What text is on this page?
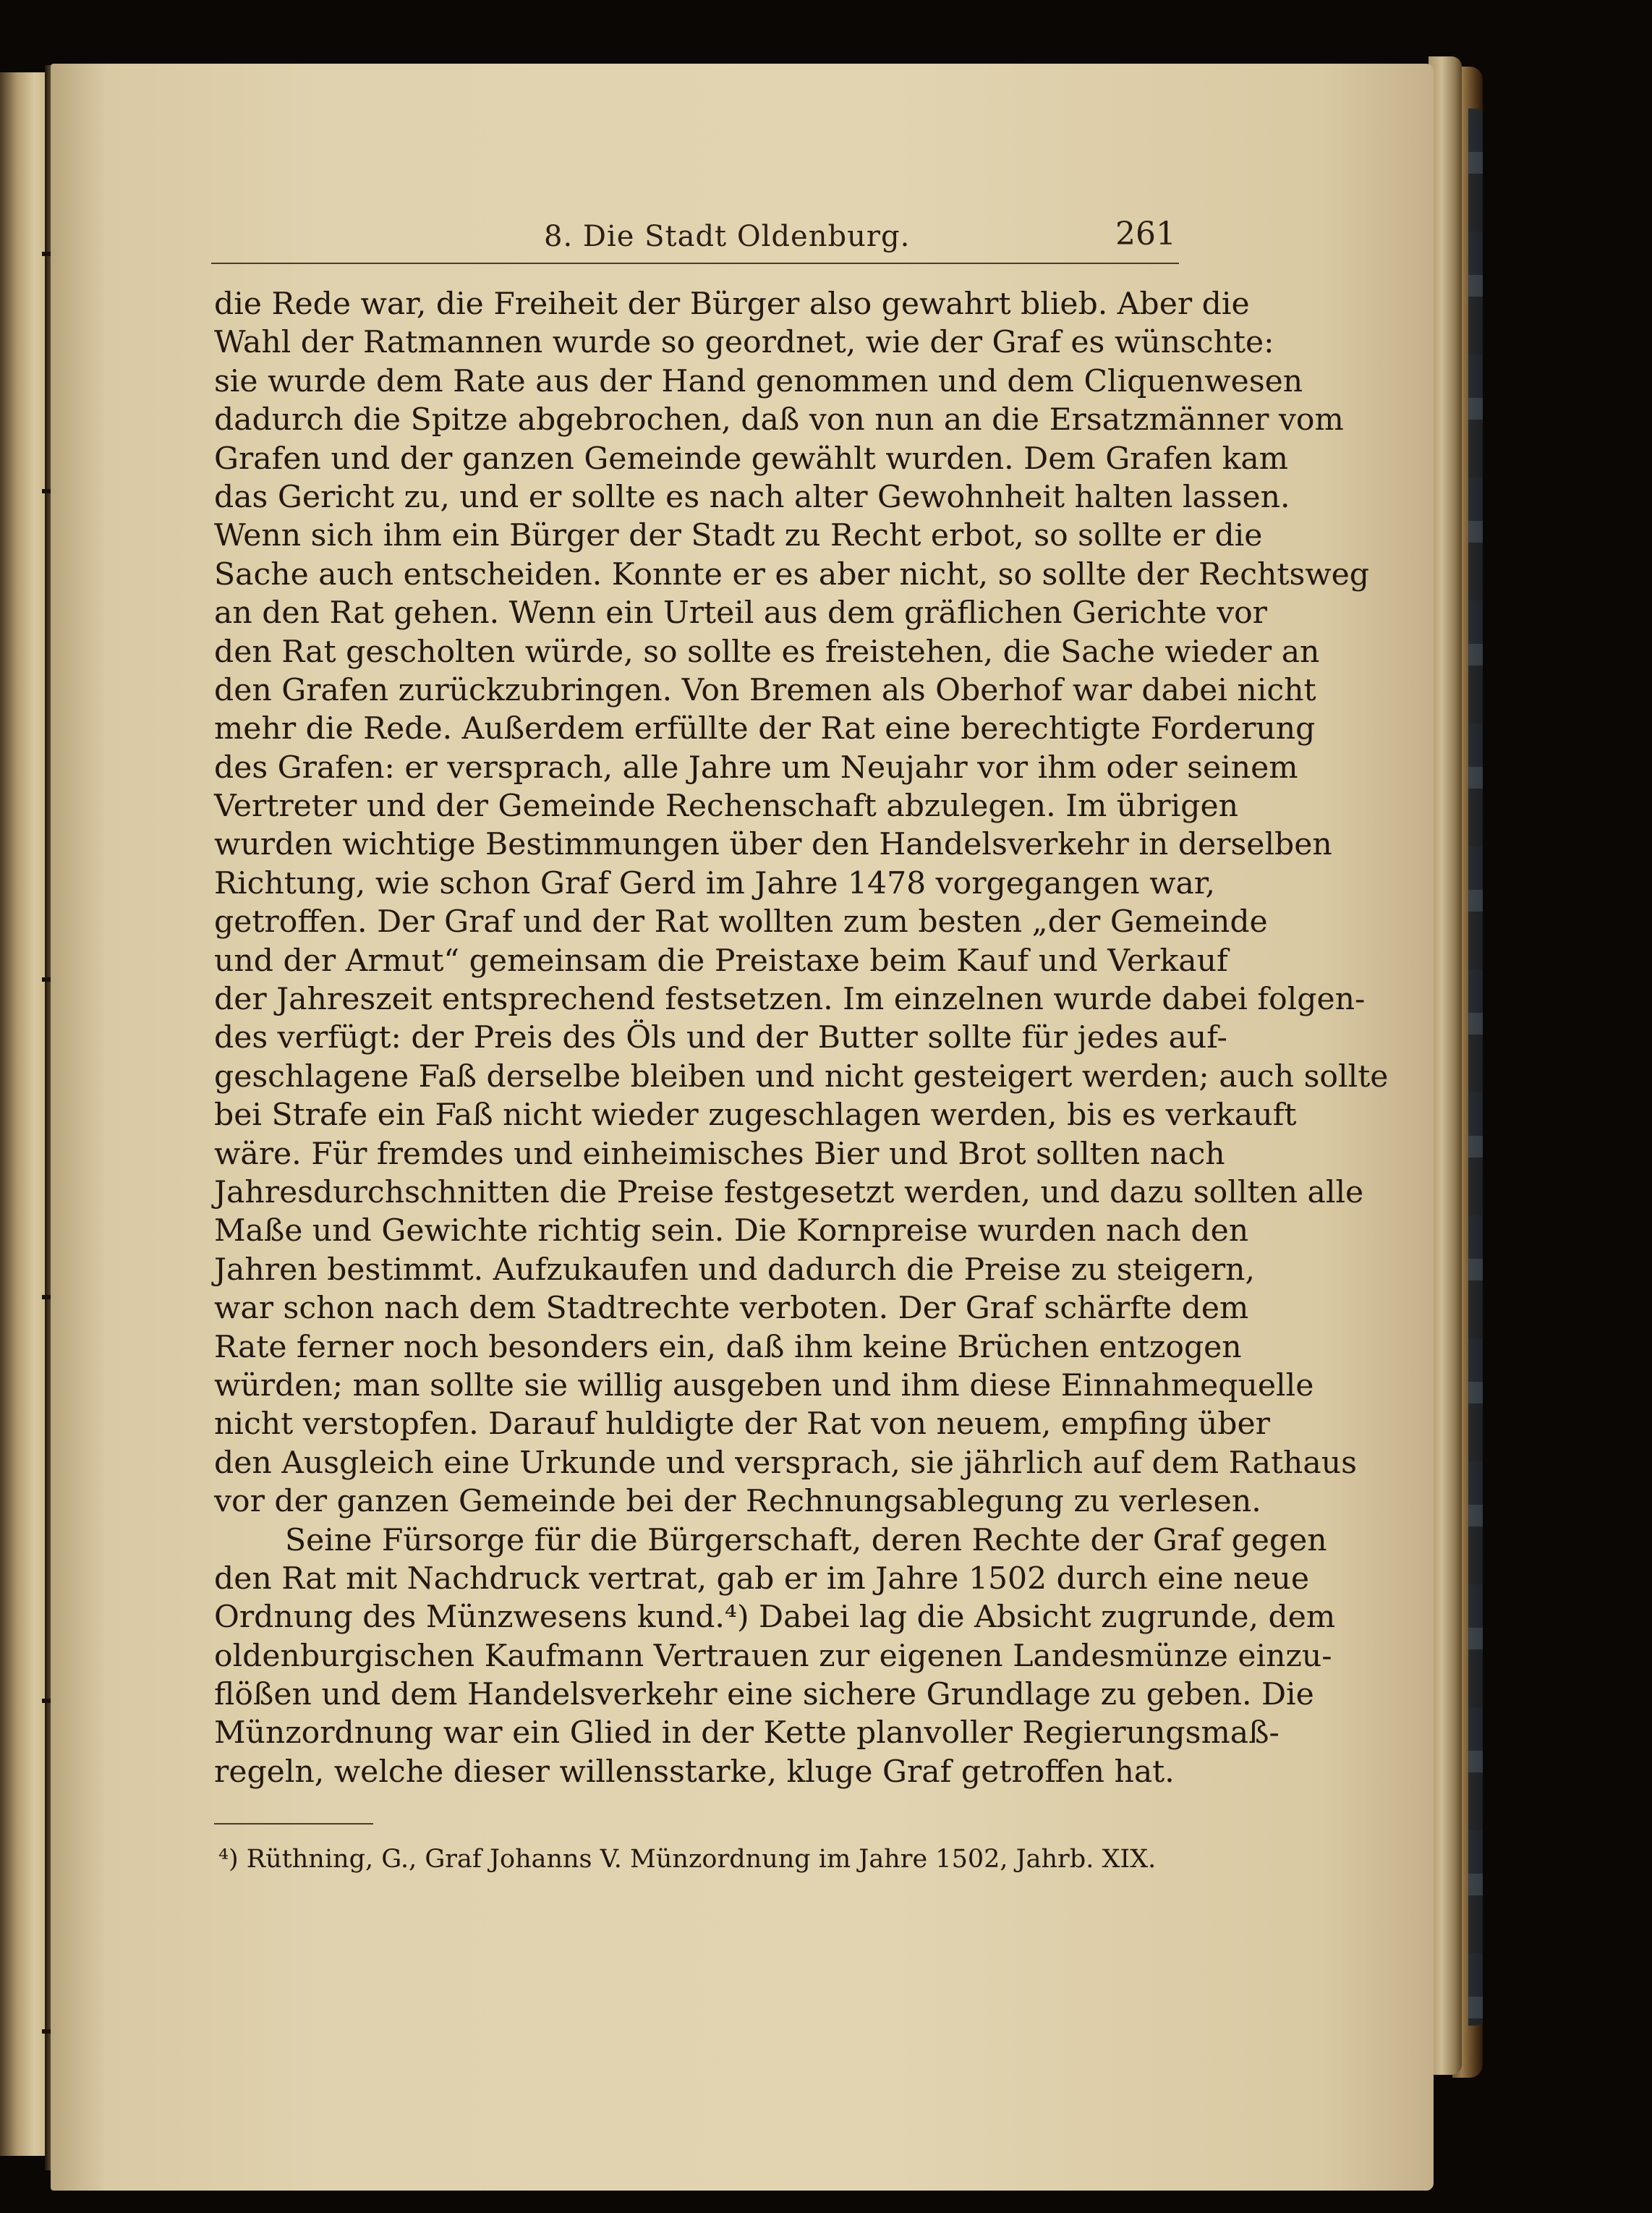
8. Die Stadt Oldenburg.	261
die Rede war, die Freiheit der Bürger also gewahrt blieb. Aber die
Wahl der Ratmannen wurde so geordnet, wie der Graf es wünschte:
sie wurde dem Rate aus der Hand genommen und dem Cliquenwesen
dadurch die Spitze abgebrochen, daß von nun an die Ersatzmänner vom
Grafen und der ganzen Gemeinde gewählt wurden. Dem Grafen kam
das Gericht zu, und er sollte es nach alter Gewohnheit halten lassen.
Wenn sich ihm ein Bürger der Stadt zu Recht erbot, so sollte er die
Sache auch entscheiden. Konnte er es aber nicht, so sollte der Rechtsweg
an den Rat gehen. Wenn ein Urteil aus dem gräflichen Gerichte vor
den Rat gescholten würde, so sollte es freistehen, die Sache wieder an
den Grafen zurückzubringen. Von Bremen als Oberhof war dabei nicht
mehr die Rede. Außerdem erfüllte der Rat eine berechtigte Forderung
des Grafen: er versprach, alle Jahre um Neujahr vor ihm oder seinem
Vertreter und der Gemeinde Rechenschaft abzulegen. Im übrigen
wurden wichtige Bestimmungen über den Handelsverkehr in derselben
Richtung, wie schon Graf Gerd im Jahre 1478 vorgegangen war,
getroffen. Der Graf und der Rat wollten zum besten „der Gemeinde
und der Armut“ gemeinsam die Preistaxe beim Kauf und Verkauf
der Jahreszeit entsprechend festsetzen. Im einzelnen wurde dabei folgen-
des verfügt: der Preis des Öls und der Butter sollte für jedes auf-
geschlagene Faß derselbe bleiben und nicht gesteigert werden; auch sollte
bei Strafe ein Faß nicht wieder zugeschlagen werden, bis es verkauft
wäre. Für fremdes und einheimisches Bier und Brot sollten nach
Jahresdurchschnitten die Preise festgesetzt werden, und dazu sollten alle
Maße und Gewichte richtig sein. Die Kornpreise wurden nach den
Jahren bestimmt. Aufzukaufen und dadurch die Preise zu steigern,
war schon nach dem Stadtrechte verboten. Der Graf schärfte dem
Rate ferner noch besonders ein, daß ihm keine Brüchen entzogen
würden; man sollte sie willig ausgeben und ihm diese Einnahmequelle
nicht verstopfen. Darauf huldigte der Rat von neuem, empfing über
den Ausgleich eine Urkunde und versprach, sie jährlich auf dem Rathaus
vor der ganzen Gemeinde bei der Rechnungsablegung zu verlesen.
Seine Fürsorge für die Bürgerschaft, deren Rechte der Graf gegen
den Rat mit Nachdruck vertrat, gab er im Jahre 1502 durch eine neue
Ordnung des Münzwesens kund.⁴) Dabei lag die Absicht zugrunde, dem
oldenburgischen Kaufmann Vertrauen zur eigenen Landesmünze einzu-
flößen und dem Handelsverkehr eine sichere Grundlage zu geben. Die
Münzordnung war ein Glied in der Kette planvoller Regierungsmaß-
regeln, welche dieser willensstarke, kluge Graf getroffen hat.
⁴) Rüthning, G., Graf Johanns V. Münzordnung im Jahre 1502, Jahrb. XIX.
